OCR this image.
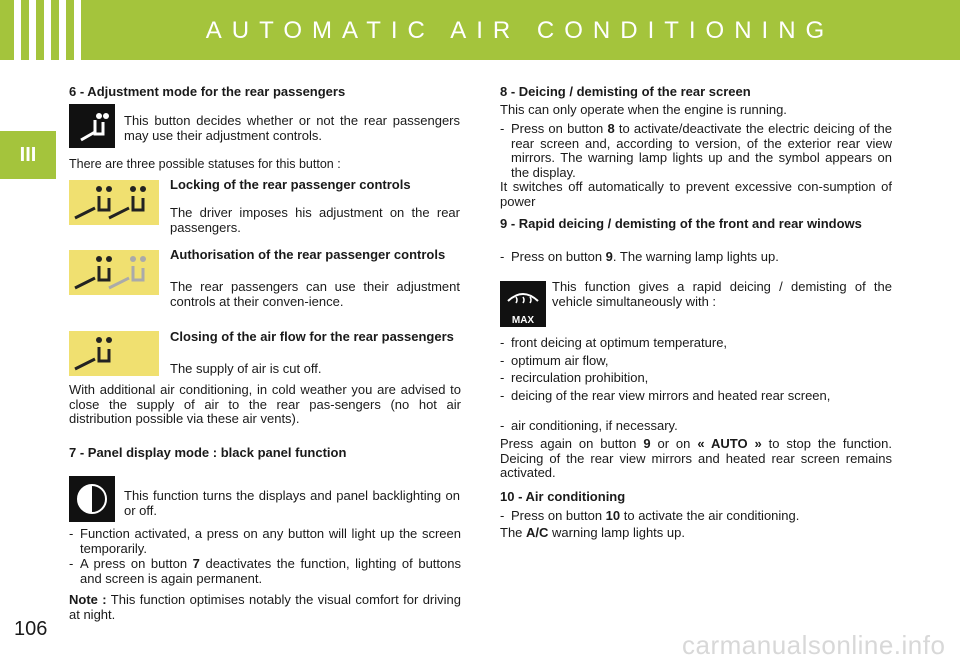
AUTOMATIC AIR CONDITIONING
III
106
carmanualsonline.info
6 - Adjustment mode for the rear passengers
This button decides whether or not the rear passengers may use their adjustment controls.
There are three possible statuses for this button :
Locking of the rear passenger controls
The driver imposes his adjustment on the rear passengers.
Authorisation of the rear passenger controls
The rear passengers can use their adjustment controls at their conven-ience.
Closing of the air flow for the rear passengers
The supply of air is cut off.
With additional air conditioning, in cold weather you are advised to close the supply of air to the rear pas-sengers (no hot air distribution possible via these air vents).
7 - Panel display mode : black panel function
This function turns the displays and panel backlighting on or off.
- Function activated, a press on any button will light up the screen temporarily.
- A press on button 7 deactivates the function, lighting of buttons and screen is again permanent.
Note : This function optimises notably the visual comfort for driving at night.
8 - Deicing / demisting of the rear screen
This can only operate when the engine is running.
- Press on button 8 to activate/deactivate the electric deicing of the rear screen and, according to version, of the exterior rear view mirrors. The warning lamp lights up and the symbol appears on the display.
It switches off automatically to prevent excessive con-sumption of power
9 - Rapid deicing / demisting of the front and rear windows
- Press on button 9. The warning lamp lights up.
MAX
This function gives a rapid deicing / demisting of the vehicle simultaneously with :
- front deicing at optimum temperature,
- optimum air flow,
- recirculation prohibition,
- deicing of the rear view mirrors and heated rear screen,
- air conditioning, if necessary.
Press again on button 9 or on « AUTO » to stop the function. Deicing of the rear view mirrors and heated rear screen remains activated.
10 - Air conditioning
- Press on button 10 to activate the air conditioning.
The A/C warning lamp lights up.
